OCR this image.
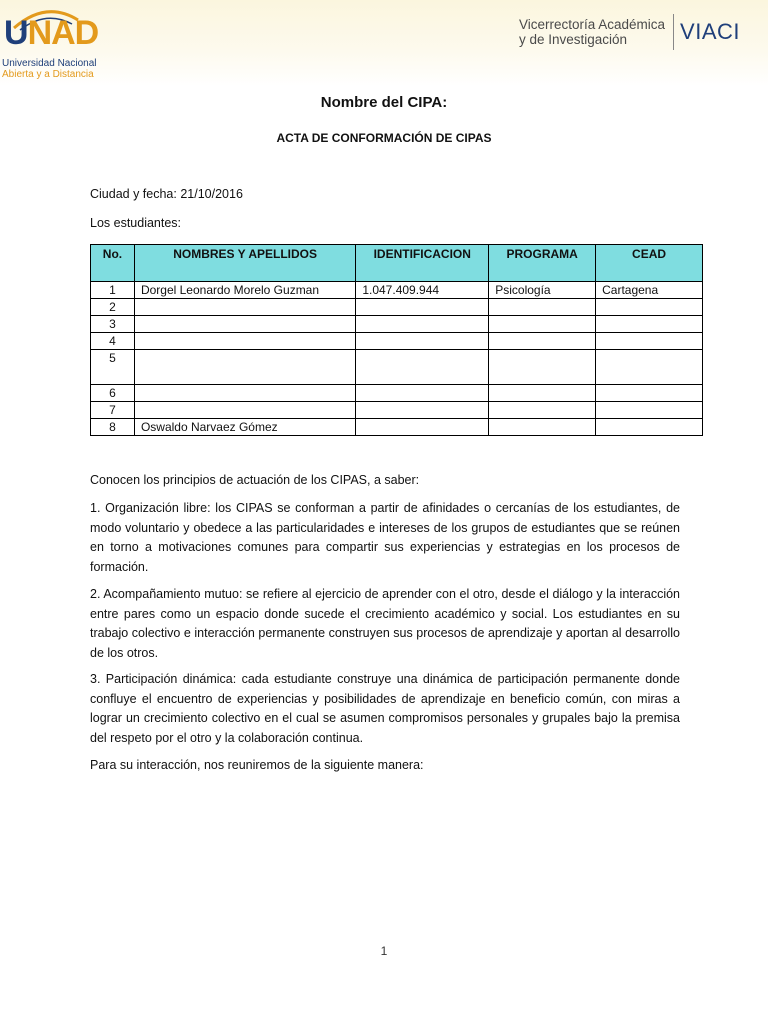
UNAD
Universidad Nacional
Abierta y a Distancia
Vicerrectoría Académica
y de Investigación	VIACI
Nombre del CIPA:
ACTA DE CONFORMACIÓN DE CIPAS
Ciudad y fecha: 21/10/2016
Los estudiantes:
No.	NOMBRES Y APELLIDOS	IDENTIFICACION	PROGRAMA	CEAD
1	Dorgel Leonardo Morelo Guzman	1.047.409.944	Psicología	Cartagena
2				
3				
4				
5				
6				
7				
8	Oswaldo Narvaez Gómez			
Conocen los principios de actuación de los CIPAS, a saber:
1. Organización libre: los CIPAS se conforman a partir de afinidades o cercanías de los estudiantes, de modo voluntario y obedece a las particularidades e intereses de los grupos de estudiantes que se reúnen en torno a motivaciones comunes para compartir sus experiencias y estrategias en los procesos de formación.
2. Acompañamiento mutuo: se refiere al ejercicio de aprender con el otro, desde el diálogo y la interacción entre pares como un espacio donde sucede el crecimiento académico y social. Los estudiantes en su trabajo colectivo e interacción permanente construyen sus procesos de aprendizaje y aportan al desarrollo de los otros.
3. Participación dinámica: cada estudiante construye una dinámica de participación permanente donde confluye el encuentro de experiencias y posibilidades de aprendizaje en beneficio común, con miras a lograr un crecimiento colectivo en el cual se asumen compromisos personales y grupales bajo la premisa del respeto por el otro y la colaboración continua.
Para su interacción, nos reuniremos de la siguiente manera:
1
